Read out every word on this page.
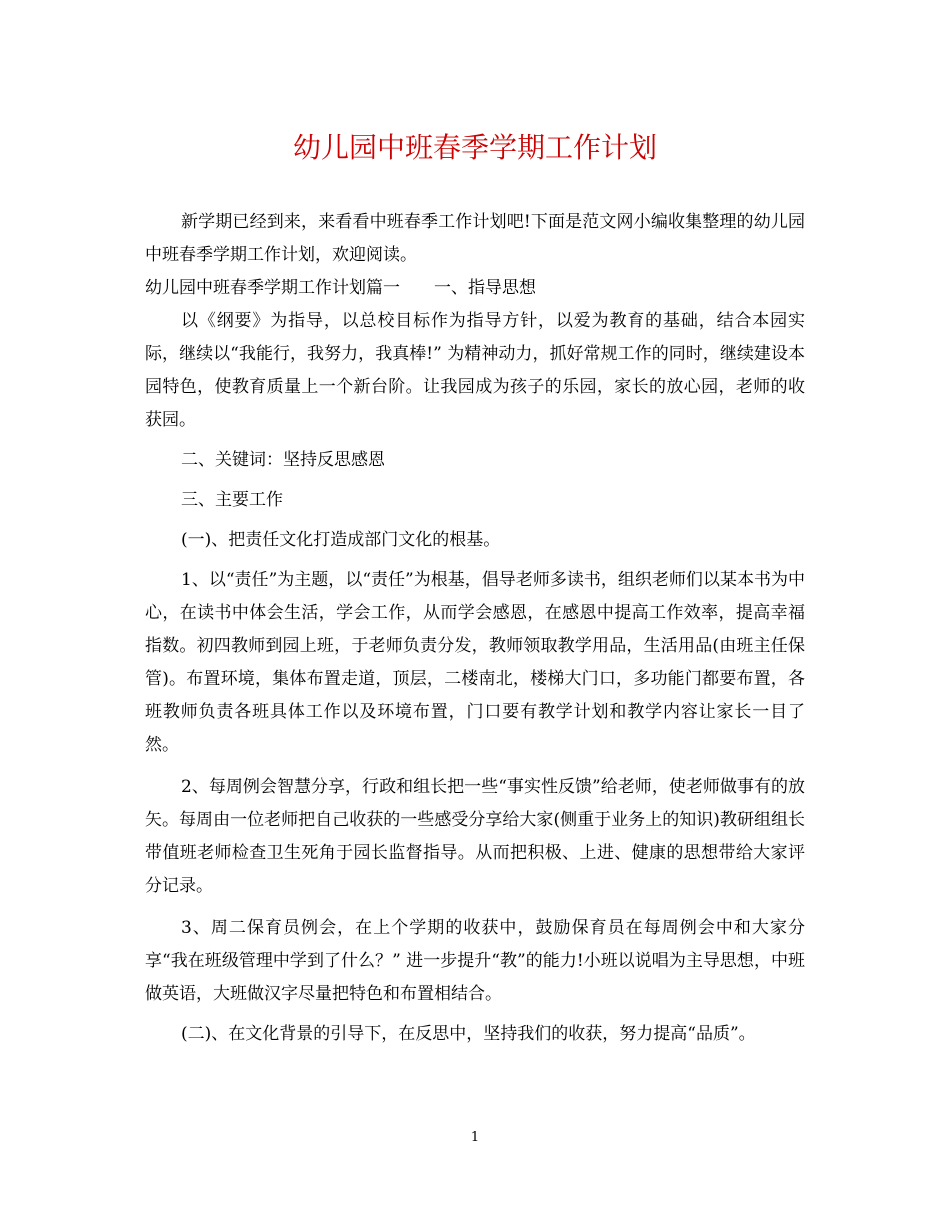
幼儿园中班春季学期工作计划

新学期已经到来，来看看中班春季工作计划吧!下面是范文网小编收集整理的幼儿园中班春季学期工作计划，欢迎阅读。

幼儿园中班春季学期工作计划篇一　　一、指导思想

以《纲要》为指导，以总校目标作为指导方针，以爱为教育的基础，结合本园实际，继续以“我能行，我努力，我真棒!” 为精神动力，抓好常规工作的同时，继续建设本园特色，使教育质量上一个新台阶。让我园成为孩子的乐园，家长的放心园，老师的收获园。

二、关键词：坚持反思感恩

三、主要工作

(一)、把责任文化打造成部门文化的根基。

1、以“责任”为主题，以“责任”为根基，倡导老师多读书，组织老师们以某本书为中心，在读书中体会生活，学会工作，从而学会感恩，在感恩中提高工作效率，提高幸福指数。初四教师到园上班，于老师负责分发，教师领取教学用品，生活用品(由班主任保管)。布置环境，集体布置走道，顶层，二楼南北，楼梯大门口，多功能门都要布置，各班教师负责各班具体工作以及环境布置，门口要有教学计划和教学内容让家长一目了然。

2、每周例会智慧分享，行政和组长把一些“事实性反馈”给老师，使老师做事有的放矢。每周由一位老师把自己收获的一些感受分享给大家(侧重于业务上的知识)教研组组长带值班老师检查卫生死角于园长监督指导。从而把积极、上进、健康的思想带给大家评分记录。

3、周二保育员例会，在上个学期的收获中，鼓励保育员在每周例会中和大家分享“我在班级管理中学到了什么？” 进一步提升“教”的能力!小班以说唱为主导思想，中班做英语，大班做汉字尽量把特色和布置相结合。

(二)、在文化背景的引导下，在反思中，坚持我们的收获，努力提高“品质”。

1
